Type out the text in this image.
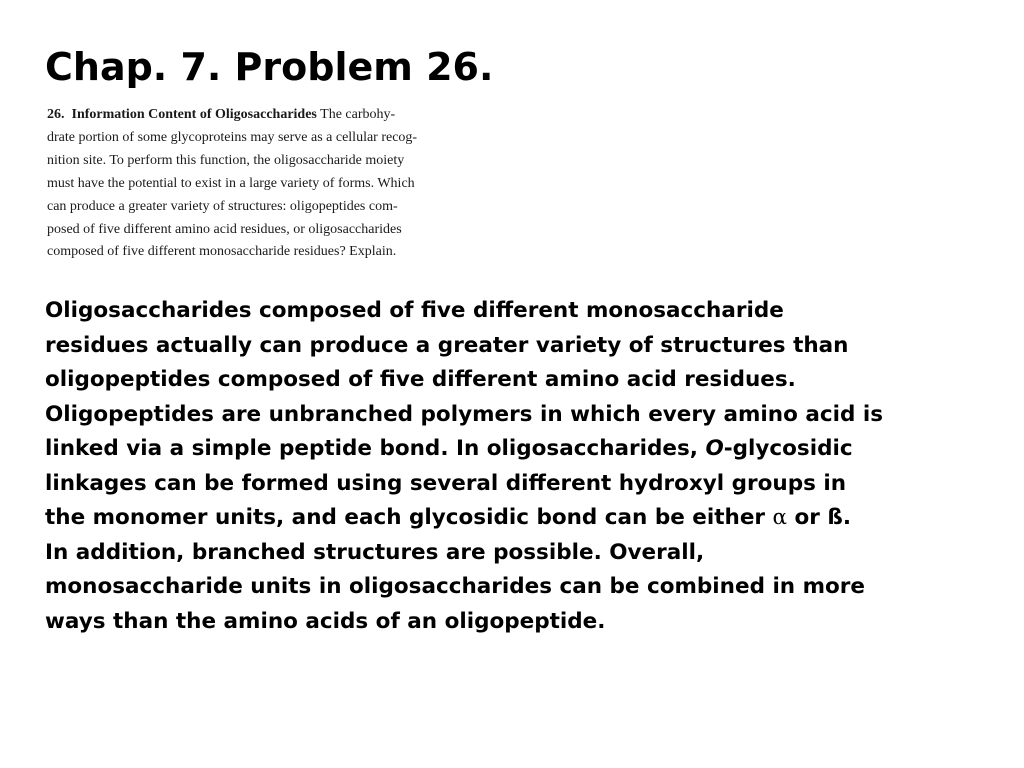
Chap. 7. Problem 26.
26. Information Content of Oligosaccharides The carbohy-
drate portion of some glycoproteins may serve as a cellular recog-
nition site. To perform this function, the oligosaccharide moiety
must have the potential to exist in a large variety of forms. Which
can produce a greater variety of structures: oligopeptides com-
posed of five different amino acid residues, or oligosaccharides
composed of five different monosaccharide residues? Explain.
Oligosaccharides composed of five different monosaccharide
residues actually can produce a greater variety of structures than
oligopeptides composed of five different amino acid residues.
Oligopeptides are unbranched polymers in which every amino acid is
linked via a simple peptide bond. In oligosaccharides, O-glycosidic
linkages can be formed using several different hydroxyl groups in
the monomer units, and each glycosidic bond can be either α or ß.
In addition, branched structures are possible. Overall,
monosaccharide units in oligosaccharides can be combined in more
ways than the amino acids of an oligopeptide.
